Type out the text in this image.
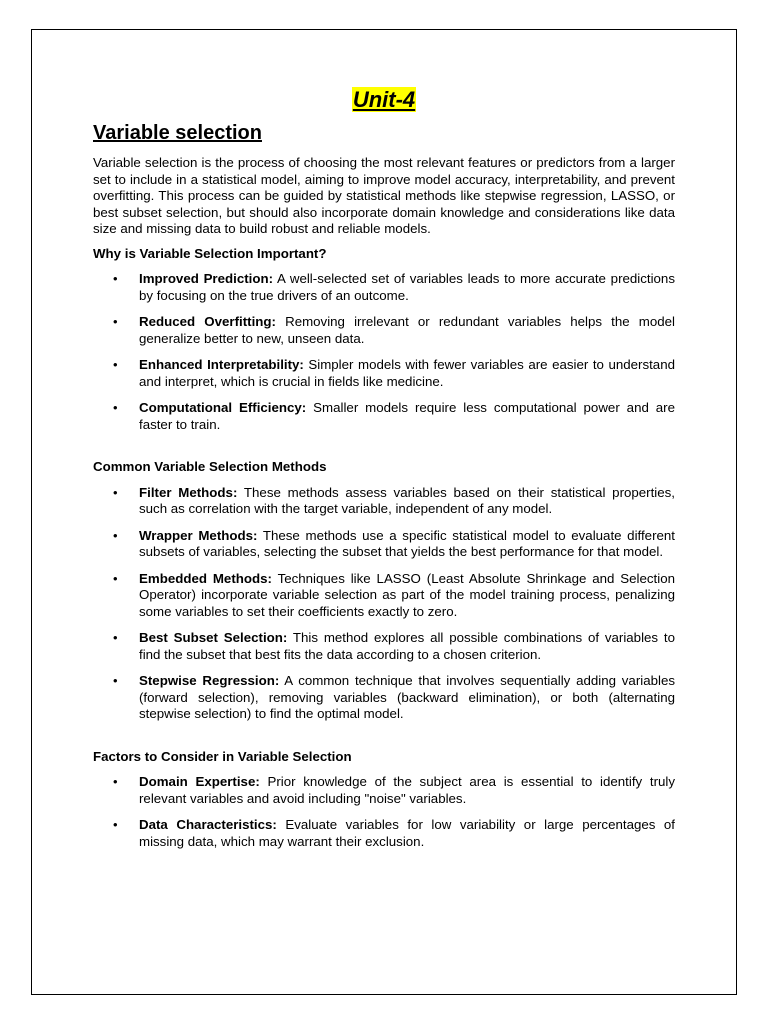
Unit-4
Variable selection

Variable selection is the process of choosing the most relevant features or predictors from a larger set to include in a statistical model, aiming to improve model accuracy, interpretability, and prevent overfitting. This process can be guided by statistical methods like stepwise regression, LASSO, or best subset selection, but should also incorporate domain knowledge and considerations like data size and missing data to build robust and reliable models.

Why is Variable Selection Important?
• Improved Prediction: A well-selected set of variables leads to more accurate predictions by focusing on the true drivers of an outcome.
• Reduced Overfitting: Removing irrelevant or redundant variables helps the model generalize better to new, unseen data.
• Enhanced Interpretability: Simpler models with fewer variables are easier to understand and interpret, which is crucial in fields like medicine.
• Computational Efficiency: Smaller models require less computational power and are faster to train.
Common Variable Selection Methods
• Filter Methods: These methods assess variables based on their statistical properties, such as correlation with the target variable, independent of any model.
• Wrapper Methods: These methods use a specific statistical model to evaluate different subsets of variables, selecting the subset that yields the best performance for that model.
• Embedded Methods: Techniques like LASSO (Least Absolute Shrinkage and Selection Operator) incorporate variable selection as part of the model training process, penalizing some variables to set their coefficients exactly to zero.
• Best Subset Selection: This method explores all possible combinations of variables to find the subset that best fits the data according to a chosen criterion.
• Stepwise Regression: A common technique that involves sequentially adding variables (forward selection), removing variables (backward elimination), or both (alternating stepwise selection) to find the optimal model.
Factors to Consider in Variable Selection
• Domain Expertise: Prior knowledge of the subject area is essential to identify truly relevant variables and avoid including "noise" variables.
• Data Characteristics: Evaluate variables for low variability or large percentages of missing data, which may warrant their exclusion.
